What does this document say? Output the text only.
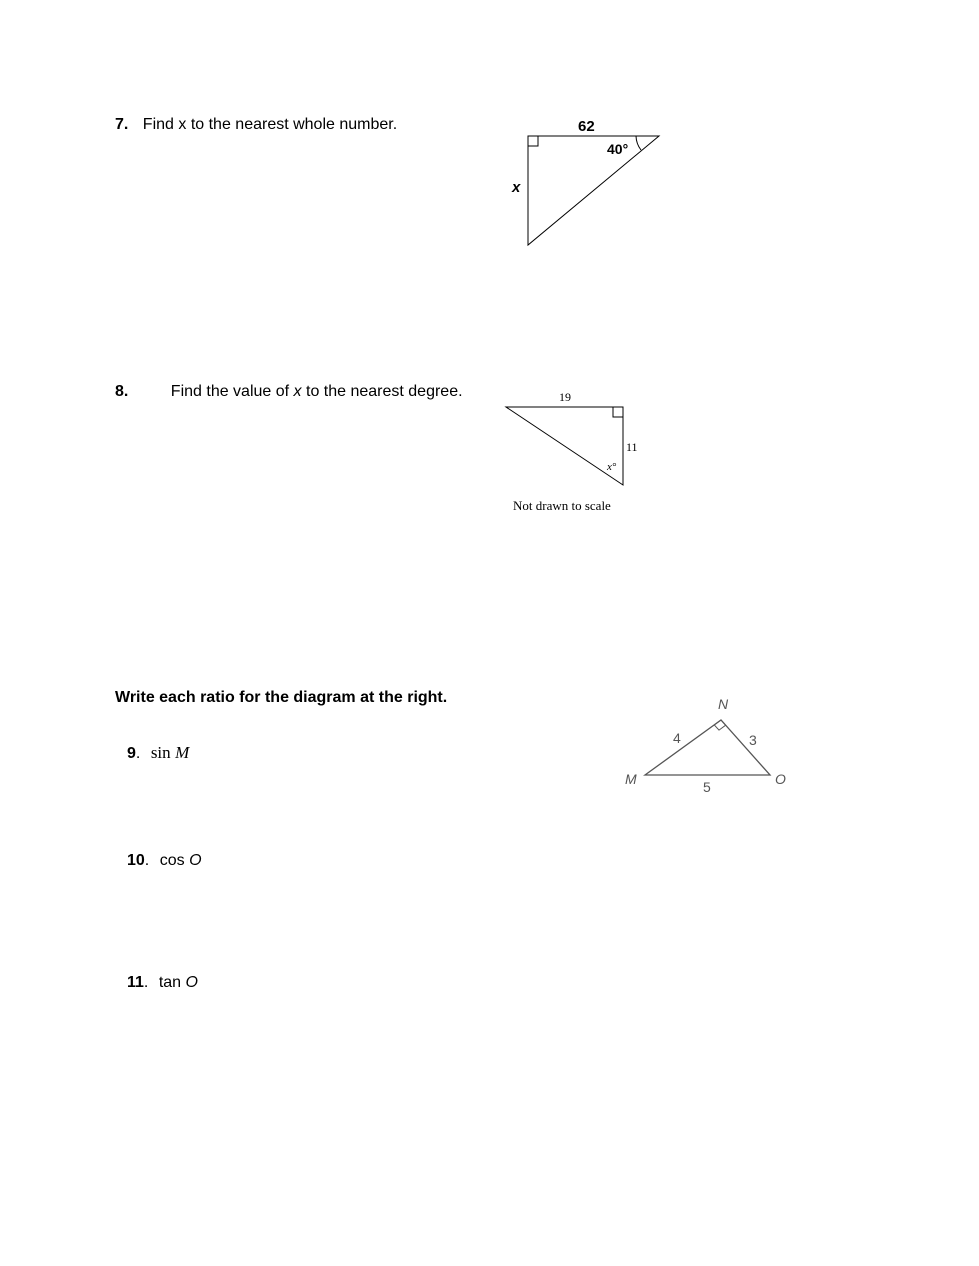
7. Find x to the nearest whole number.	62
40°
x
8.	Find the value of x to the nearest degree.	19
11
x°
Not drawn to scale
Write each ratio for the diagram at the right.	N
M	O
4	3
5
9. sin M
10. cos O
11. tan O
